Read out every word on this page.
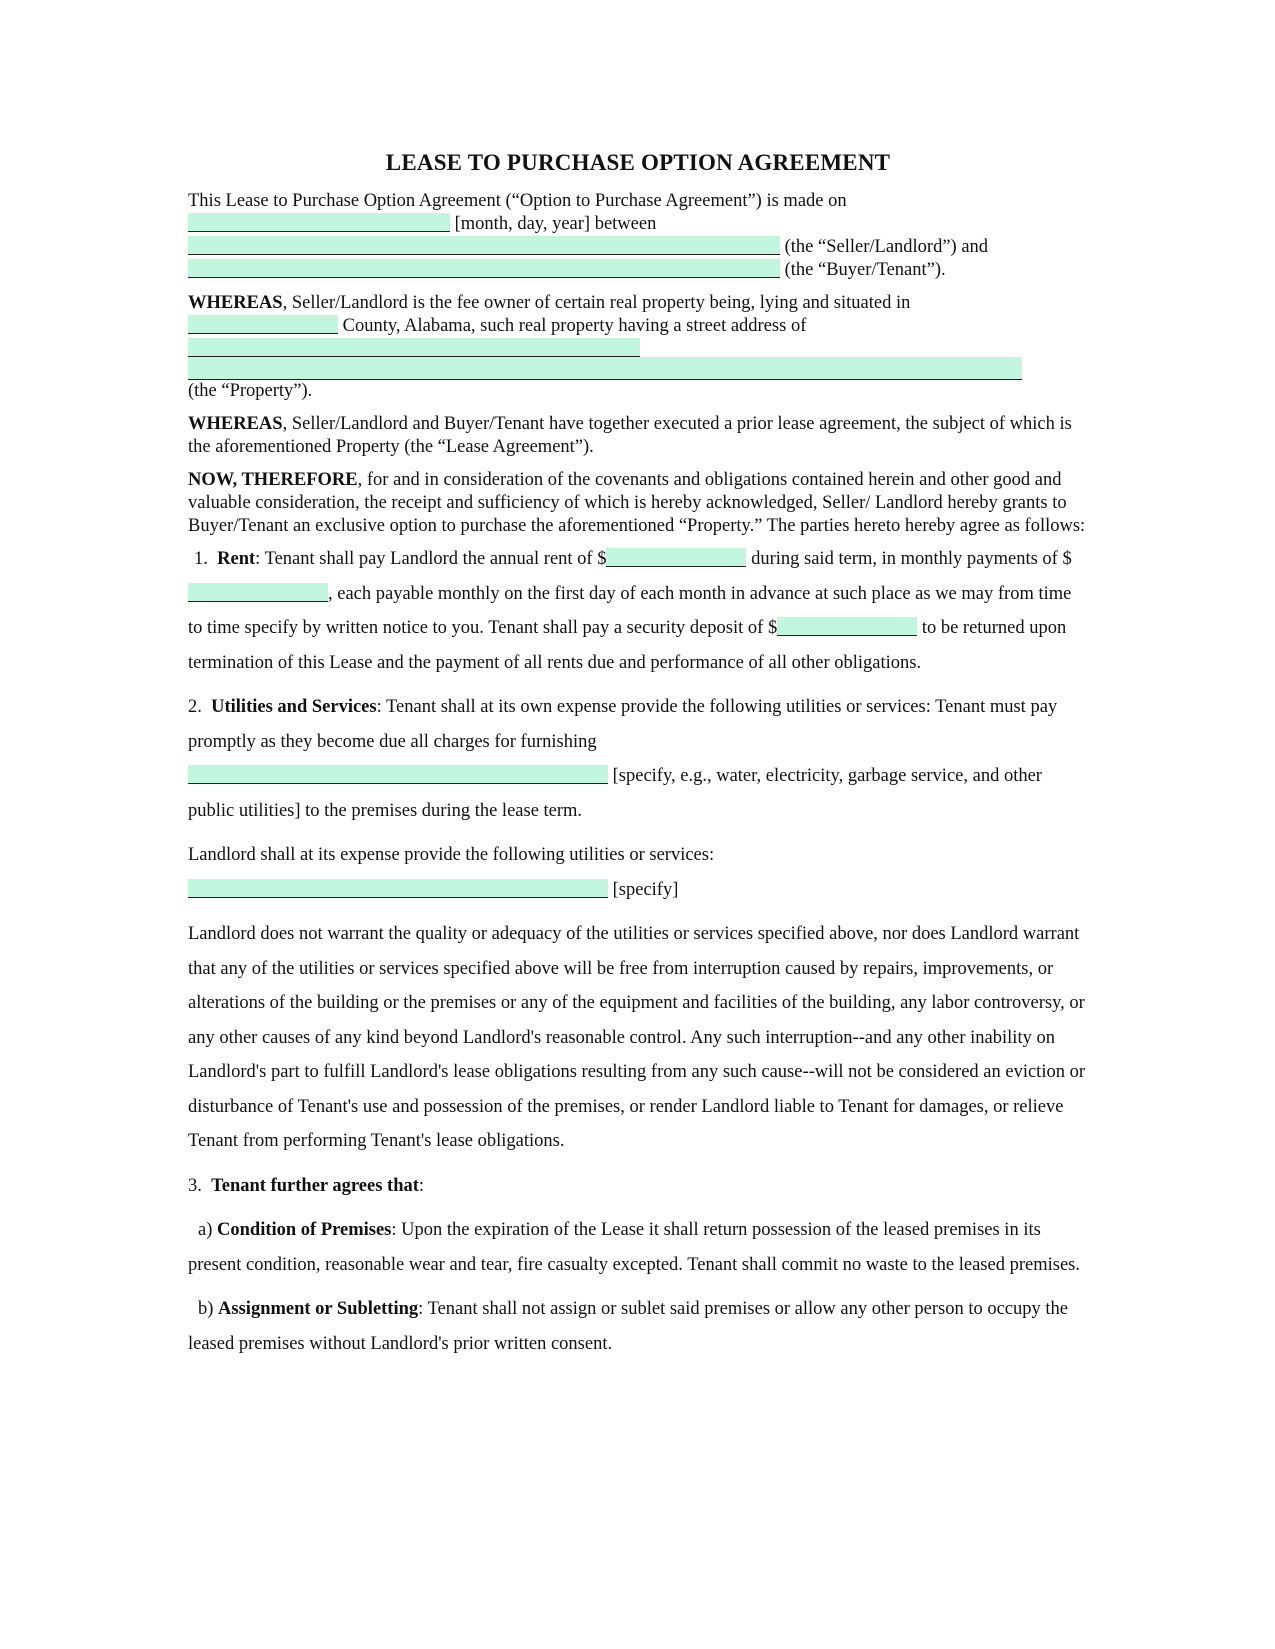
LEASE TO PURCHASE OPTION AGREEMENT

This Lease to Purchase Option Agreement (“Option to Purchase Agreement”) is made on
[month, day, year] between
(the “Seller/Landlord”) and
(the “Buyer/Tenant”).

WHEREAS, Seller/Landlord is the fee owner of certain real property being, lying and situated in
County, Alabama, such real property having a street address of
(the “Property”).

WHEREAS, Seller/Landlord and Buyer/Tenant have together executed a prior lease agreement, the subject of which is the aforementioned Property (the “Lease Agreement”).

NOW, THEREFORE, for and in consideration of the covenants and obligations contained herein and other good and valuable consideration, the receipt and sufficiency of which is hereby acknowledged, Seller/ Landlord hereby grants to Buyer/Tenant an exclusive option to purchase the aforementioned “Property.” The parties hereto hereby agree as follows:

1. Rent: Tenant shall pay Landlord the annual rent of $	during said term, in monthly payments of $, each payable monthly on the first day of each month in advance at such place as we may from time to time specify by written notice to you. Tenant shall pay a security deposit of $	to be returned upon termination of this Lease and the payment of all rents due and performance of all other obligations.

2. Utilities and Services: Tenant shall at its own expense provide the following utilities or services: Tenant must pay promptly as they become due all charges for furnishing
[specify, e.g., water, electricity, garbage service, and other public utilities] to the premises during the lease term.

Landlord shall at its expense provide the following utilities or services:
[specify]

Landlord does not warrant the quality or adequacy of the utilities or services specified above, nor does Landlord warrant that any of the utilities or services specified above will be free from interruption caused by repairs, improvements, or alterations of the building or the premises or any of the equipment and facilities of the building, any labor controversy, or any other causes of any kind beyond Landlord's reasonable control. Any such interruption--and any other inability on Landlord's part to fulfill Landlord's lease obligations resulting from any such cause--will not be considered an eviction or disturbance of Tenant's use and possession of the premises, or render Landlord liable to Tenant for damages, or relieve Tenant from performing Tenant's lease obligations.

3. Tenant further agrees that:

a) Condition of Premises: Upon the expiration of the Lease it shall return possession of the leased premises in its present condition, reasonable wear and tear, fire casualty excepted. Tenant shall commit no waste to the leased premises.

b) Assignment or Subletting: Tenant shall not assign or sublet said premises or allow any other person to occupy the leased premises without Landlord's prior written consent.
